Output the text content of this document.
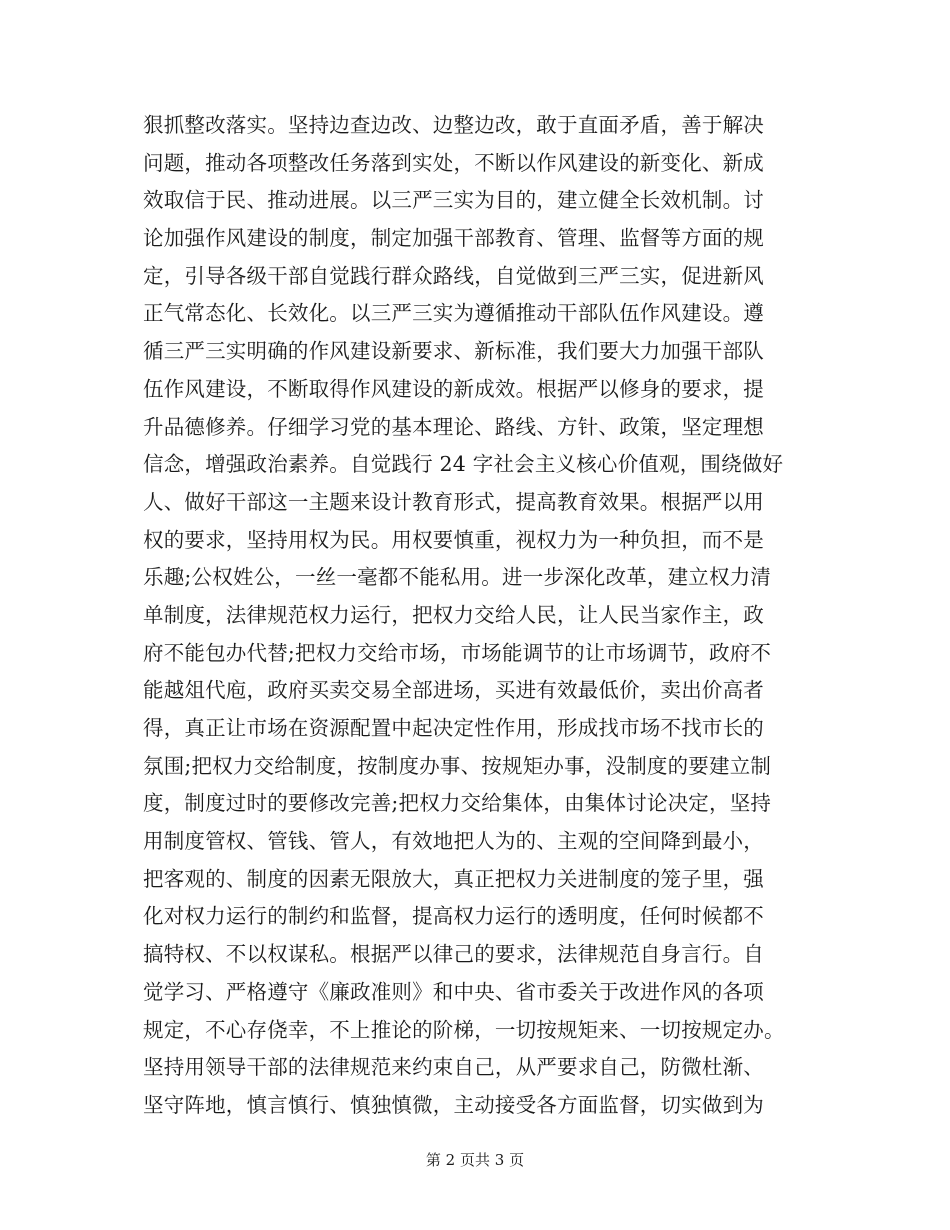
狠抓整改落实。坚持边查边改、边整边改，敢于直面矛盾，善于解决
问题，推动各项整改任务落到实处，不断以作风建设的新变化、新成
效取信于民、推动进展。以三严三实为目的，建立健全长效机制。讨
论加强作风建设的制度，制定加强干部教育、管理、监督等方面的规
定，引导各级干部自觉践行群众路线，自觉做到三严三实，促进新风
正气常态化、长效化。以三严三实为遵循推动干部队伍作风建设。遵
循三严三实明确的作风建设新要求、新标准，我们要大力加强干部队
伍作风建设，不断取得作风建设的新成效。根据严以修身的要求，提
升品德修养。仔细学习党的基本理论、路线、方针、政策，坚定理想
信念，增强政治素养。自觉践行 24 字社会主义核心价值观，围绕做好
人、做好干部这一主题来设计教育形式，提高教育效果。根据严以用
权的要求，坚持用权为民。用权要慎重，视权力为一种负担，而不是
乐趣;公权姓公，一丝一毫都不能私用。进一步深化改革，建立权力清
单制度，法律规范权力运行，把权力交给人民，让人民当家作主，政
府不能包办代替;把权力交给市场，市场能调节的让市场调节，政府不
能越俎代庖，政府买卖交易全部进场，买进有效最低价，卖出价高者
得，真正让市场在资源配置中起决定性作用，形成找市场不找市长的
氛围;把权力交给制度，按制度办事、按规矩办事，没制度的要建立制
度，制度过时的要修改完善;把权力交给集体，由集体讨论决定，坚持
用制度管权、管钱、管人，有效地把人为的、主观的空间降到最小，
把客观的、制度的因素无限放大，真正把权力关进制度的笼子里，强
化对权力运行的制约和监督，提高权力运行的透明度，任何时候都不
搞特权、不以权谋私。根据严以律己的要求，法律规范自身言行。自
觉学习、严格遵守《廉政准则》和中央、省市委关于改进作风的各项
规定，不心存侥幸，不上推论的阶梯，一切按规矩来、一切按规定办。
坚持用领导干部的法律规范来约束自己，从严要求自己，防微杜渐、
坚守阵地，慎言慎行、慎独慎微，主动接受各方面监督，切实做到为
第 2 页共 3 页
